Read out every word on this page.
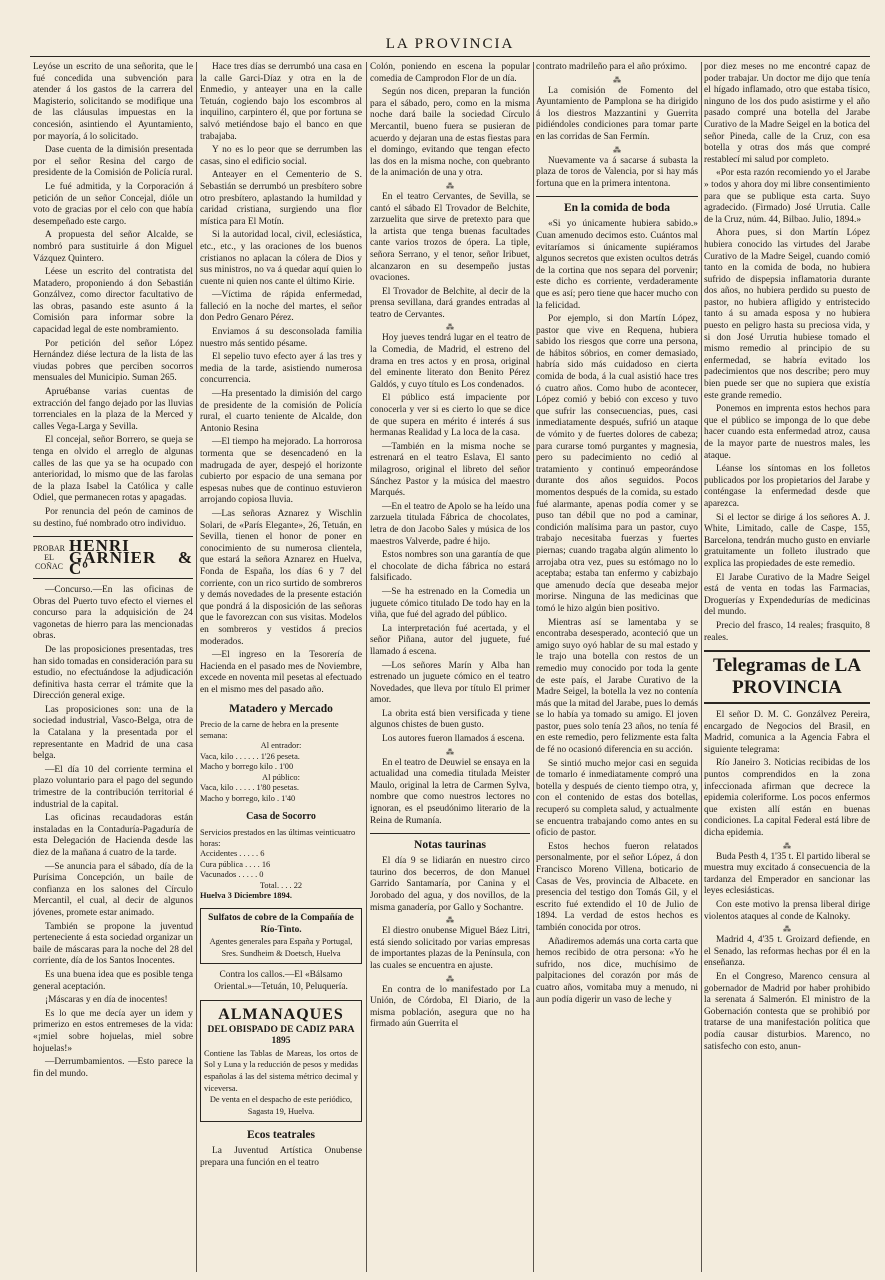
LA PROVINCIA

Leyóse un escrito de una señorita, que le fué concedida una subvención para atender á los gastos de la carrera del Magisterio, solicitando se modifique una de las cláusulas impuestas en la concesión, asintiendo el Ayuntamiento, por mayoría, á lo solicitado.

Dase cuenta de la dimisión presentada por el señor Resina del cargo de presidente de la Comisión de Policía rural.

Le fué admitida, y la Corporación á petición de un señor Concejal, dióle un voto de gracias por el celo con que había desempeñado este cargo.

A propuesta del señor Alcalde, se nombró para sustituirle á don Miguel Vázquez Quintero.

Léese un escrito del contratista del Matadero, proponiendo á don Sebastián Gonzálvez, como director facultativo de las obras, pasando este asunto á la Comisión para informar sobre la capacidad legal de este nombramiento.

Por petición del señor López Hernández diése lectura de la lista de las viudas pobres que perciben socorros mensuales del Municipio. Suman 265.

Apruébanse varias cuentas de extracción del fango dejado por las lluvias torrenciales en la plaza de la Merced y calles Vega-Larga y Sevilla.

El concejal, señor Borrero, se queja se tenga en olvido el arreglo de algunas calles de las que ya se ha ocupado con anterioridad, lo mismo que de las farolas de la plaza Isabel la Católica y calle Odiel, que permanecen rotas y apagadas.

Por renuncia del peón de caminos de su destino, fué nombrado otro individuo.

PROBAR EL COÑAC
HENRI GARNIER & Cº

—Concurso.—En las oficinas de Obras del Puerto tuvo efecto el viernes el concurso para la adquisición de 24 vagonetas de hierro para las mencionadas obras.

De las proposiciones presentadas, tres han sido tomadas en consideración para su estudio, no efectuándose la adjudicación definitiva hasta cerrar el trámite que la Dirección general exige.

Las proposiciones son: una de la sociedad industrial, Vasco-Belga, otra de la Catalana y la presentada por el representante en Madrid de una casa belga.

—El día 10 del corriente termina el plazo voluntario para el pago del segundo trimestre de la contribución territorial é industrial de la capital.

Las oficinas recaudadoras están instaladas en la Contaduría-Pagaduría de esta Delegación de Hacienda desde las diez de la mañana á cuatro de la tarde.

—Se anuncia para el sábado, día de la Purísima Concepción, un baile de confianza en los salones del Círculo Mercantil, el cual, al decir de algunos jóvenes, promete estar animado.

También se propone la juventud perteneciente á esta sociedad organizar un baile de máscaras para la noche del 28 del corriente, día de los Santos Inocentes.

Es una buena idea que es posible tenga general aceptación.

¡Máscaras y en día de inocentes!

Es lo que me decía ayer un idem y primerizo en estos entremeses de la vida: «¡miel sobre hojuelas, miel sobre hojuelas!»

—Derrumbamientos. —Esto parece la fin del mundo.

Hace tres días se derrumbó una casa en la calle Garci-Díaz y otra en la de Enmedio, y anteayer una en la calle Tetuán, cogiendo bajo los escombros al inquilino, carpintero él, que por fortuna se salvó metiéndose bajo el banco en que trabajaba.

Y no es lo peor que se derrumben las casas, sino el edificio social.

Anteayer en el Cementerio de S. Sebastián se derrumbó un presbítero sobre otro presbítero, aplastando la humildad y caridad cristiana, surgiendo una flor mística para El Motín.

Si la autoridad local, civil, eclesiástica, etc., etc., y las oraciones de los buenos cristianos no aplacan la cólera de Dios y sus ministros, no va á quedar aquí quien lo cuente ni quien nos cante el último Kirie.

—Víctima de rápida enfermedad, falleció en la noche del martes, el señor don Pedro Genaro Pérez.

Enviamos á su desconsolada familia nuestro más sentido pésame.

El sepelio tuvo efecto ayer á las tres y media de la tarde, asistiendo numerosa concurrencia.

—Ha presentado la dimisión del cargo de presidente de la comisión de Policía rural, el cuarto teniente de Alcalde, don Antonio Resina

—El tiempo ha mejorado. La horrorosa tormenta que se desencadenó en la madrugada de ayer, despejó el horizonte cubierto por espacio de una semana por espesas nubes que de continuo estuvieron arrojando copiosa lluvia.

—Las señoras Aznarez y Wischlin Solari, de «París Elegante», 26, Tetuán, en Sevilla, tienen el honor de poner en conocimiento de su numerosa clientela, que estará la señora Aznarez en Huelva, Fonda de España, los días 6 y 7 del corriente, con un rico surtido de sombreros y demás novedades de la presente estación que pondrá á la disposición de las señoras que le favorezcan con sus visitas. Modelos en sombreros y vestidos á precios moderados.

—El ingreso en la Tesorería de Hacienda en el pasado mes de Noviembre, excede en noventa mil pesetas al efectuado en el mismo mes del pasado año.

Matadero y Mercado
Precio de la carne de hebra en la presente semana:
Al entrador:
Vaca, kilo . . . . . . 1'26 peseta.
Macho y borrego kilo . 1'00
Al público:
Vaca, kilo . . . . . 1'80 pesetas.
Macho y borrego, kilo . 1'40
Casa de Socorro
Servicios prestados en las últimas veinticuatro horas:
Accidentes . . . . . 6
Cura pública . . . . 16
Vacunados . . . . . 0
Total. . . . 22
Huelva 3 Diciembre 1894.
Sulfatos de cobre de la Compañía de Río-Tinto.
Agentes generales para España y Portugal, Sres. Sundheim & Doetsch, Huelva

Contra los callos.—El «Bálsamo Oriental.»—Tetuán, 10, Peluquería.

ALMANAQUES
DEL OBISPADO DE CADIZ PARA 1895
Contiene las Tablas de Mareas, los ortos de Sol y Luna y la reducción de pesos y medidas españolas á las del sistema métrico decimal y viceversa.
De venta en el despacho de este periódico, Sagasta 19, Huelva.
Ecos teatrales

La Juventud Artística Onubense prepara una función en el teatro

Colón, poniendo en escena la popular comedia de Camprodon Flor de un día.

Según nos dicen, preparan la función para el sábado, pero, como en la misma noche dará baile la sociedad Círculo Mercantil, bueno fuera se pusieran de acuerdo y dejaran una de estas fiestas para el domingo, evitando que tengan efecto las dos en la misma noche, con quebranto de la animación de una y otra.

⁂

En el teatro Cervantes, de Sevilla, se cantó el sábado El Trovador de Belchite, zarzuelita que sirve de pretexto para que la artista que tenga buenas facultades cante varios trozos de ópera. La tiple, señora Serrano, y el tenor, señor Iribuet, alcanzaron en su desempeño justas ovaciones.

El Trovador de Belchite, al decir de la prensa sevillana, dará grandes entradas al teatro de Cervantes.

⁂

Hoy jueves tendrá lugar en el teatro de la Comedia, de Madrid, el estreno del drama en tres actos y en prosa, original del eminente literato don Benito Pérez Galdós, y cuyo título es Los condenados.

El público está impaciente por conocerla y ver si es cierto lo que se dice de que supera en mérito é interés á sus hermanas Realidad y La loca de la casa.

—También en la misma noche se estrenará en el teatro Eslava, El santo milagroso, original el libreto del señor Sánchez Pastor y la música del maestro Marqués.

—En el teatro de Apolo se ha leído una zarzuela titulada Fábrica de chocolates, letra de don Jacobo Sales y música de los maestros Valverde, padre é hijo.

Estos nombres son una garantía de que el chocolate de dicha fábrica no estará falsificado.

—Se ha estrenado en la Comedia un juguete cómico titulado De todo hay en la viña, que fué del agrado del público.

La interpretación fué acertada, y el señor Piñana, autor del juguete, fué llamado á escena.

—Los señores Marín y Alba han estrenado un juguete cómico en el teatro Novedades, que lleva por título El primer amor.

La obrita está bien versificada y tiene algunos chistes de buen gusto.

Los autores fueron llamados á escena.

⁂

En el teatro de Deuwiel se ensaya en la actualidad una comedia titulada Meister Maulo, original la letra de Carmen Sylva, nombre que como nuestros lectores no ignoran, es el pseudónimo literario de la Reina de Rumanía.

Notas taurinas

El día 9 se lidiarán en nuestro circo taurino dos becerros, de don Manuel Garrido Santamaría, por Canina y el Jorobado del agua, y dos novillos, de la misma ganadería, por Gallo y Sochantre.

⁂

El diestro onubense Miguel Báez Litri, está siendo solicitado por varias empresas de importantes plazas de la Península, con las cuales se encuentra en ajuste.

⁂

En contra de lo manifestado por La Unión, de Córdoba, El Diario, de la misma población, asegura que no ha firmado aún Guerrita el

contrato madrileño para el año próximo.

⁂

La comisión de Fomento del Ayuntamiento de Pamplona se ha dirigido á los diestros Mazzantini y Guerrita pidiéndoles condiciones para tomar parte en las corridas de San Fermín.

⁂

Nuevamente va á sacarse á subasta la plaza de toros de Valencia, por si hay más fortuna que en la primera intentona.

En la comida de boda

«Si yo únicamente hubiera sabido.» Cuan amenudo decimos esto. Cuántos mal evitaríamos si únicamente supiéramos algunos secretos que existen ocultos detrás de la cortina que nos separa del porvenir; este dicho es corriente, verdaderamente que es así; pero tiene que hacer mucho con la felicidad.

Por ejemplo, si don Martín López, pastor que vive en Requena, hubiera sabido los riesgos que corre una persona, de hábitos sóbrios, en comer demasiado, habría sido más cuidadoso en cierta comida de boda, á la cual asistió hace tres ó cuatro años. Como hubo de acontecer, López comió y bebió con exceso y tuvo que sufrir las consecuencias, pues, casi inmediatamente después, sufrió un ataque de vómito y de fuertes dolores de cabeza; para curarse tomó purgantes y magnesia, pero su padecimiento no cedió al tratamiento y continuó empeorándose durante dos años seguidos. Pocos momentos después de la comida, su estado fué alarmante, apenas podía comer y se puso tan débil que no pod a caminar, condición malísima para un pastor, cuyo trabajo necesitaba fuerzas y fuertes piernas; cuando tragaba algún alimento lo arrojaba otra vez, pues su estómago no lo aceptaba; estaba tan enfermo y cabizbajo que amenudo decía que deseaba mejor morirse. Ninguna de las medicinas que tomó le hizo algún bien positivo.

Mientras así se lamentaba y se encontraba desesperado, aconteció que un amigo suyo oyó hablar de su mal estado y le trajo una botella con restos de un remedio muy conocido por toda la gente de este país, el Jarabe Curativo de la Madre Seigel, la botella la vez no contenía más que la mitad del Jarabe, pues lo demás se lo había ya tomado su amigo. El joven pastor, pues solo tenía 23 años, no tenía fé en este remedio, pero felizmente esta falta de fé no ocasionó diferencia en su acción.

Se sintió mucho mejor casi en seguida de tomarlo é inmediatamente compró una botella y después de ciento tiempo otra, y, con el contenido de estas dos botellas, recuperó su completa salud, y actualmente se encuentra trabajando como antes en su oficio de pastor.

Estos hechos fueron relatados personalmente, por el señor López, á don Francisco Moreno Villena, boticario de Casas de Ves, provincia de Albacete. en presencia del testigo don Tomás Gil, y el escrito fué extendido el 10 de Julio de 1894. La verdad de estos hechos es también conocida por otros.

Añadiremos además una corta carta que hemos recibido de otra persona: «Yo he sufrido, nos dice, muchísimo de palpitaciones del corazón por más de cuatro años, vomitaba muy a menudo, ni aun podía digerir un vaso de leche y

por diez meses no me encontré capaz de poder trabajar. Un doctor me dijo que tenía el hígado inflamado, otro que estaba tísico, ninguno de los dos pudo asistirme y el año pasado compré una botella del Jarabe Curativo de la Madre Seigel en la botica del señor Pineda, calle de la Cruz, con esa botella y otras dos más que compré restablecí mi salud por completo.

«Por esta razón recomiendo yo el Jarabe » todos y ahora doy mi libre consentimiento para que se publique esta carta. Suyo agradecido. (Firmado) José Urrutia. Calle de la Cruz, núm. 44, Bilbao. Julio, 1894.»

Ahora pues, si don Martín López hubiera conocido las virtudes del Jarabe Curativo de la Madre Seigel, cuando comió tanto en la comida de boda, no hubiera sufrido de dispepsia inflamatoria durante dos años, no hubiera perdido su puesto de pastor, no hubiera afligido y entristecido tanto á su amada esposa y no hubiera puesto en peligro hasta su preciosa vida, y si don José Urrutia hubiese tomado el mismo remedio al principio de su enfermedad, se habría evitado los padecimientos que nos describe; pero muy bien puede ser que no supiera que existía este grande remedio.

Ponemos en imprenta estos hechos para que el público se imponga de lo que debe hacer cuando esta enfermedad atroz, causa de la mayor parte de nuestros males, les ataque.

Léanse los síntomas en los folletos publicados por los propietarios del Jarabe y conténgase la enfermedad desde que aparezca.

Si el lector se dirige á los señores A. J. White, Limitado, calle de Caspe, 155, Barcelona, tendrán mucho gusto en enviarle gratuitamente un folleto ilustrado que explica las propiedades de este remedio.

El Jarabe Curativo de la Madre Seigel está de venta en todas las Farmacias, Droguerías y Expendedurías de medicinas del mundo.

Precio del frasco, 14 reales; frasquito, 8 reales.

Telegramas de LA PROVINCIA

El señor D. M. C. Gonzálvez Pereira, encargado de Negocios del Brasil, en Madrid, comunica a la Agencia Fabra el siguiente telegrama:

Río Janeiro 3. Noticias recibidas de los puntos comprendidos en la zona infeccionada afirman que decrece la epidemia coleriforme. Los pocos enfermos que existen allí están en buenas condiciones. La capital Federal está libre de dicha epidemia.

⁂

Buda Pesth 4, 1'35 t. El partido liberal se muestra muy excitado á consecuencia de la tardanza del Emperador en sancionar las leyes eclesiásticas.

Con este motivo la prensa liberal dirige violentos ataques al conde de Kalnoky.

⁂

Madrid 4, 4'35 t. Groizard defiende, en el Senado, las reformas hechas por él en la enseñanza.

En el Congreso, Marenco censura al gobernador de Madrid por haber prohibido la serenata á Salmerón. El ministro de la Gobernación contesta que se prohibió por tratarse de una manifestación política que podía causar disturbios. Marenco, no satisfecho con esto, anun-
